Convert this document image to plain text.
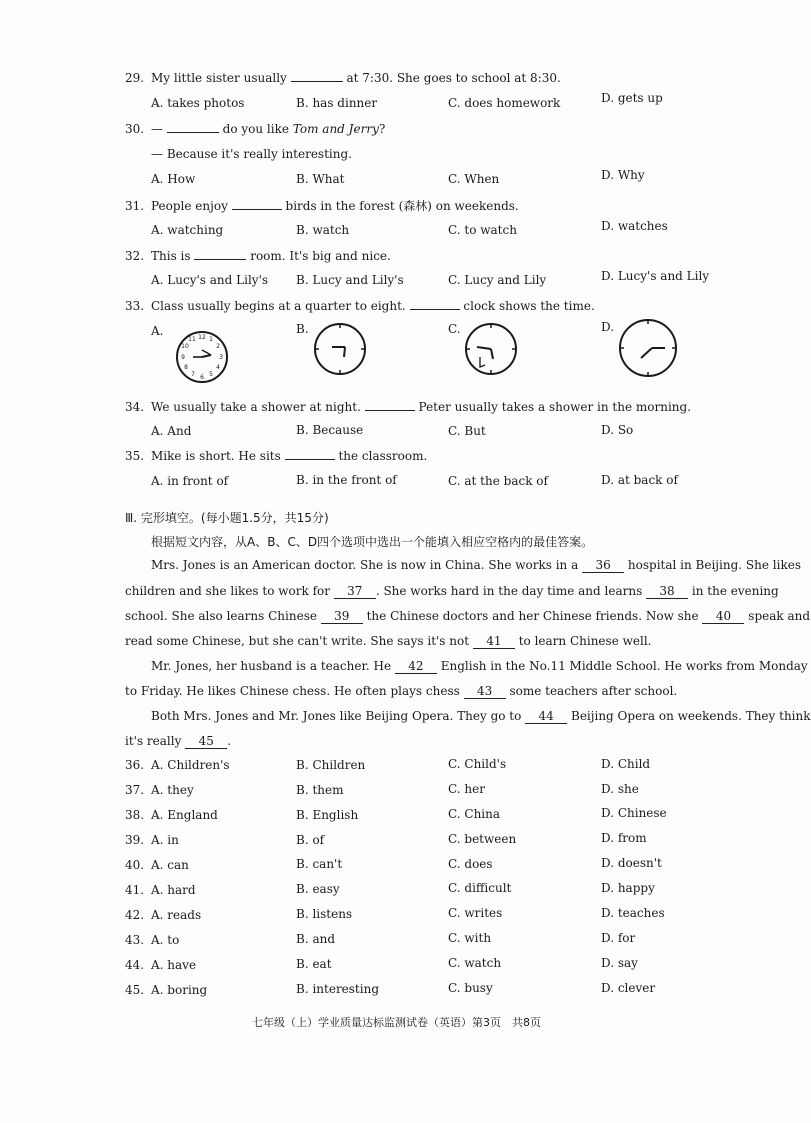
29. My little sister usually	at 7:30. She goes to school at 8:30.
A. takes photos	B. has dinner	C. does homework	D. gets up
30. —	do you like Tom and Jerry?
— Because it's really interesting.
A. How	B. What	C. When	D. Why
31. People enjoy	birds in the forest (森林) on weekends.
A. watching	B. watch	C. to watch	D. watches
32. This is	room. It's big and nice.
A. Lucy's and Lily's B. Lucy and Lily's	C. Lucy and Lily	D. Lucy's and Lily
33. Class usually begins at a quarter to eight.	clock shows the time.
A.	B.	C.	D.
12 1
2
3
4
5
6
7
8
9
10
11
34. We usually take a shower at night.	Peter usually takes a shower in the morning.
A. And	B. Because	C. But	D. So
35. Mike is short. He sits	the classroom.
A. in front of	B. in the front of	C. at the back of	D. at back of
Ⅲ. 完形填空。(每小题1.5分，共15分)
根据短文内容，从A、B、C、D四个选项中选出一个能填入相应空格内的最佳答案。
Mrs. Jones is an American doctor. She is now in China. She works in a 36 hospital in Beijing. She likes
children and she likes to work for 37 . She works hard in the day time and learns 38 in the evening
school. She also learns Chinese 39 the Chinese doctors and her Chinese friends. Now she 40 speak and
read some Chinese, but she can't write. She says it's not 41 to learn Chinese well.
Mr. Jones, her husband is a teacher. He 42 English in the No.11 Middle School. He works from Monday
to Friday. He likes Chinese chess. He often plays chess 43 some teachers after school.
Both Mrs. Jones and Mr. Jones like Beijing Opera. They go to 44 Beijing Opera on weekends. They think
it's really 45 .
36. A. Children's	B. Children	C. Child's	D. Child
37. A. they	B. them	C. her	D. she
38. A. England	B. English	C. China	D. Chinese
39. A. in	B. of	C. between	D. from
40. A. can	B. can't	C. does	D. doesn't
41. A. hard	B. easy	C. difficult	D. happy
42. A. reads	B. listens	C. writes	D. teaches
43. A. to	B. and	C. with	D. for
44. A. have	B. eat	C. watch	D. say
45. A. boring	B. interesting	C. busy	D. clever
七年级（上）学业质量达标监测试卷（英语）第3页　共8页
